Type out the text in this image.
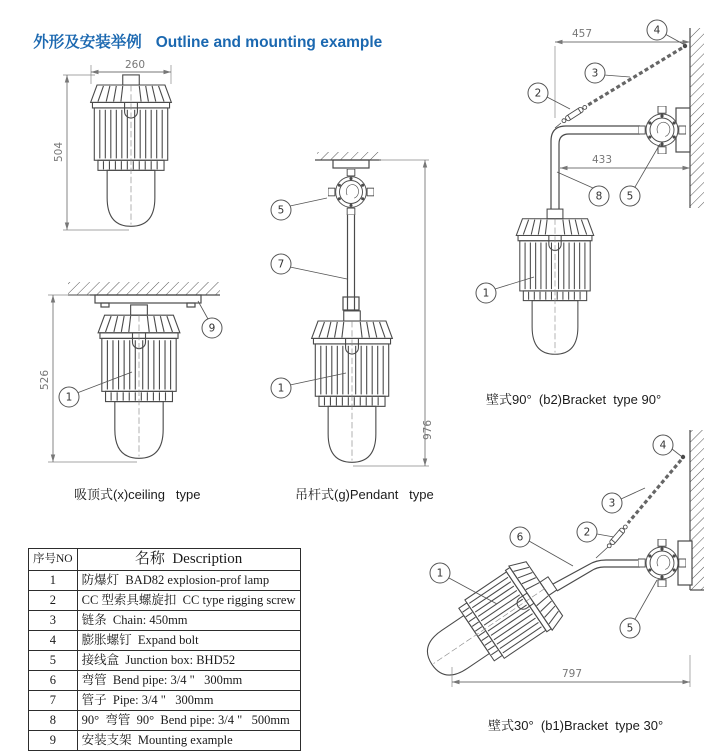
外形及安装举例 Outline and mounting example

260
504
526
9
1
吸顶式(x)ceiling   type
976
5
7
1
吊杆式(g)Pendant   type
457
433
4
3
2
8 5
1
壁式90°  (b2)Bracket  type 90°
797
4
3
2
6
1
5
壁式30°  (b1)Bracket  type 30°
序号NO	名称  Description
1	防爆灯  BAD82 explosion-prof lamp
2	CC 型索具螺旋扣  CC type rigging screw
3	链条  Chain: 450mm
4	膨胀螺钉  Expand bolt
5	接线盒  Junction box: BHD52
6	弯管  Bend pipe: 3/4 "   300mm
7	管子  Pipe: 3/4 "   300mm
8	90°  弯管  90°  Bend pipe: 3/4 "   500mm
9	安装支架  Mounting example
